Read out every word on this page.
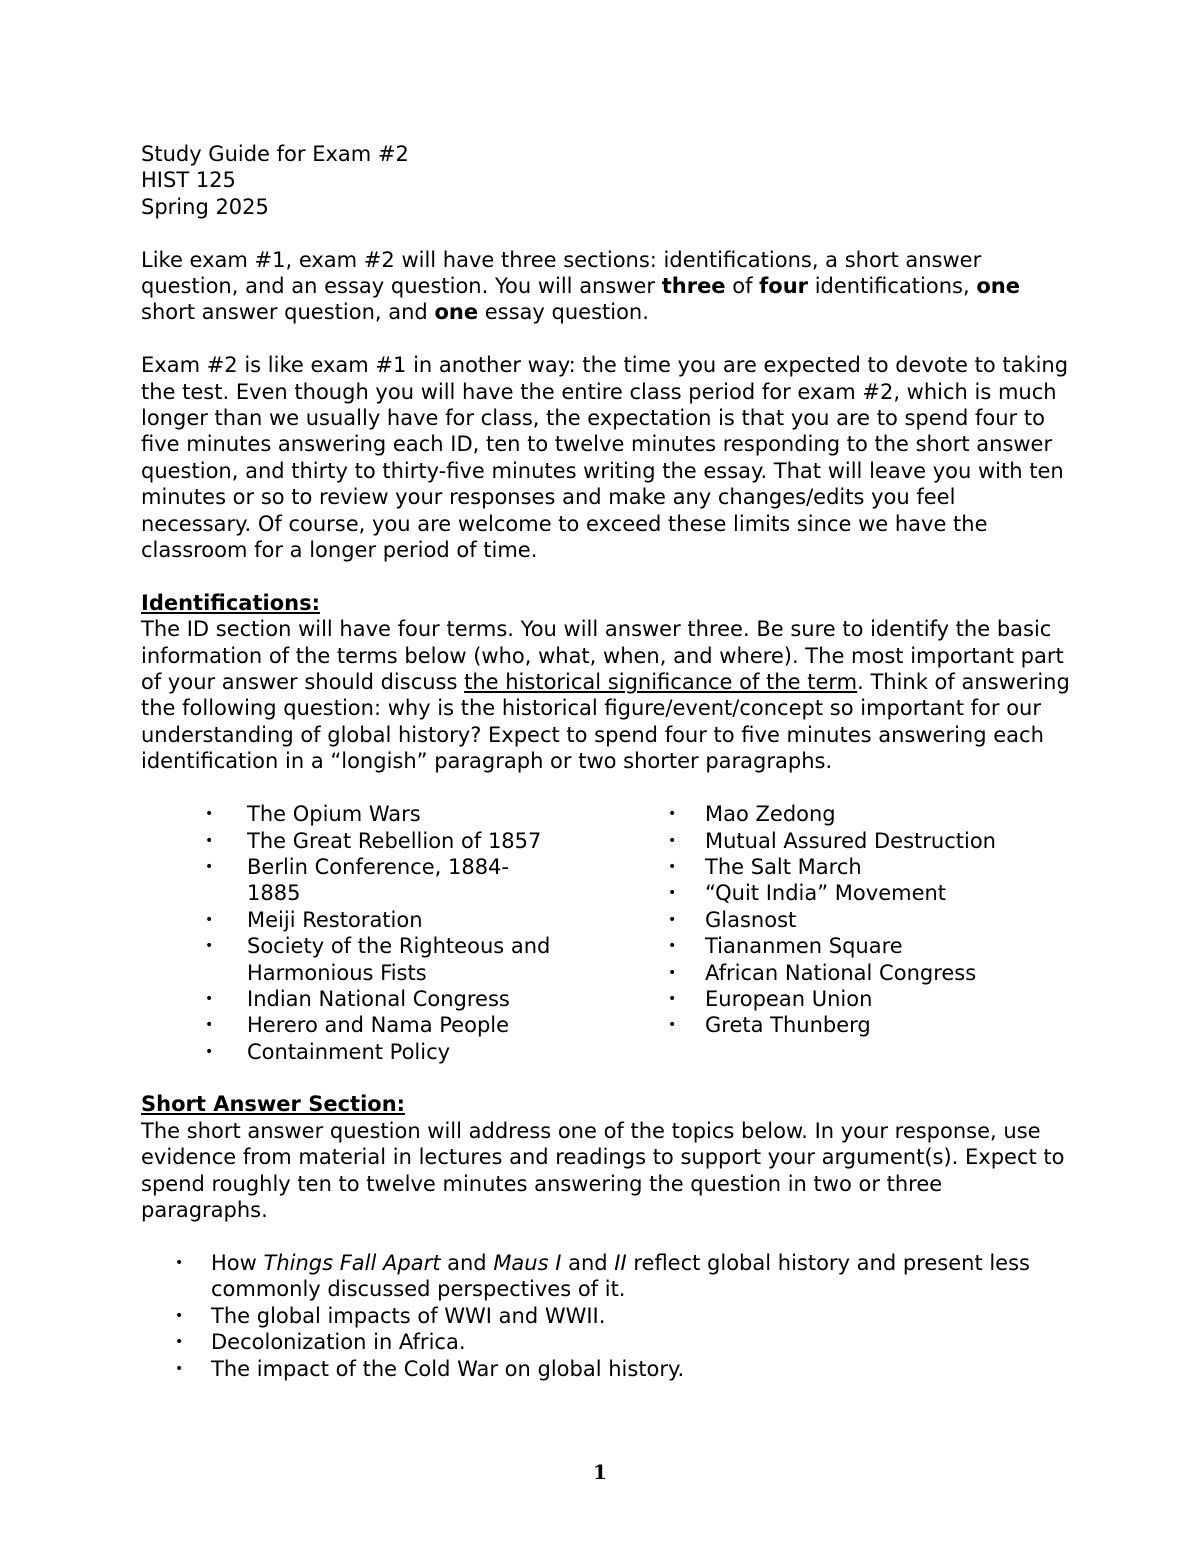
Study Guide for Exam #2

HIST 125

Spring 2025

Like exam #1, exam #2 will have three sections: identifications, a short answer question, and an essay question. You will answer three of four identifications, one short answer question, and one essay question.

Exam #2 is like exam #1 in another way: the time you are expected to devote to taking the test. Even though you will have the entire class period for exam #2, which is much longer than we usually have for class, the expectation is that you are to spend four to five minutes answering each ID, ten to twelve minutes responding to the short answer question, and thirty to thirty-five minutes writing the essay. That will leave you with ten minutes or so to review your responses and make any changes/edits you feel necessary. Of course, you are welcome to exceed these limits since we have the classroom for a longer period of time.

Identifications:

The ID section will have four terms. You will answer three. Be sure to identify the basic information of the terms below (who, what, when, and where). The most important part of your answer should discuss the historical significance of the term. Think of answering the following question: why is the historical figure/event/concept so important for our understanding of global history? Expect to spend four to five minutes answering each identification in a “longish” paragraph or two shorter paragraphs.

• The Opium Wars
• The Great Rebellion of 1857
• Berlin Conference, 1884-1885
• Meiji Restoration
• Society of the Righteous and Harmonious Fists
• Indian National Congress
• Herero and Nama People
• Containment Policy
• Mao Zedong
• Mutual Assured Destruction
• The Salt March
• “Quit India” Movement
• Glasnost
• Tiananmen Square
• African National Congress
• European Union
• Greta Thunberg

Short Answer Section:

The short answer question will address one of the topics below. In your response, use evidence from material in lectures and readings to support your argument(s). Expect to spend roughly ten to twelve minutes answering the question in two or three paragraphs.

• How Things Fall Apart and Maus I and II reflect global history and present less commonly discussed perspectives of it.
• The global impacts of WWI and WWII.
• Decolonization in Africa.
• The impact of the Cold War on global history.
1
